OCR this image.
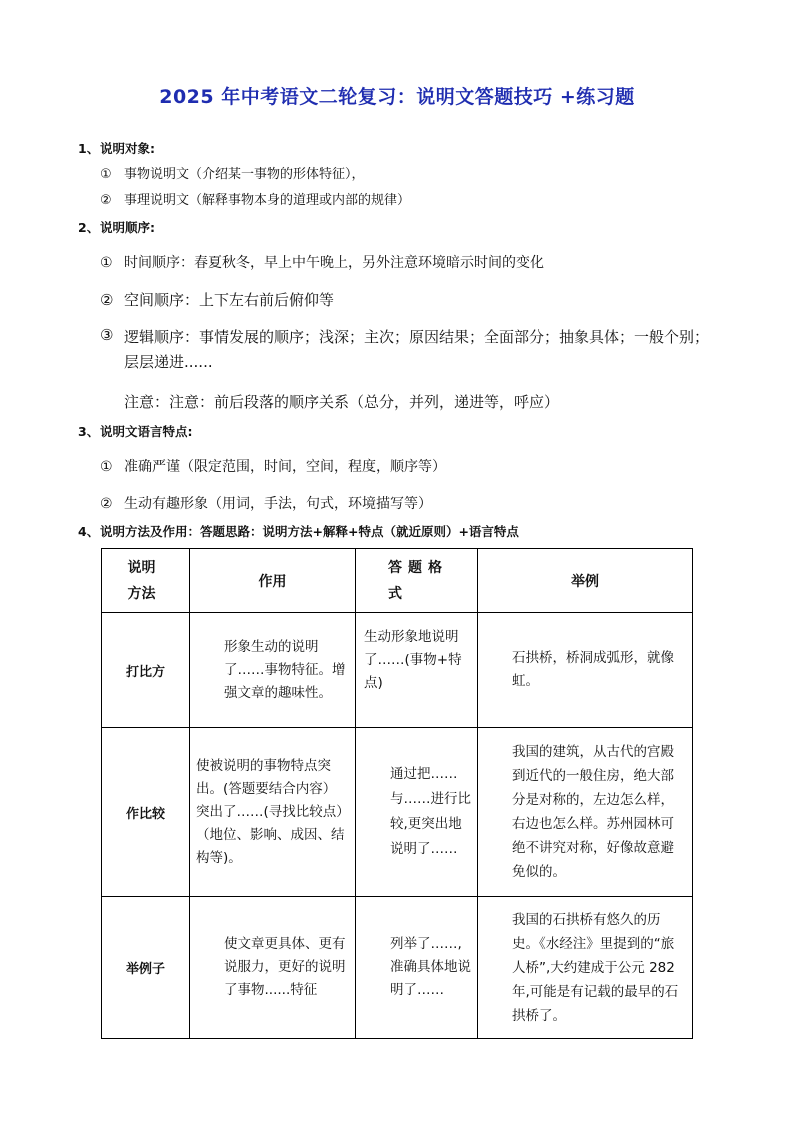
2025 年中考语文二轮复习：说明文答题技巧 +练习题
1、说明对象:
① 事物说明文（介绍某一事物的形体特征），
② 事理说明文（解释事物本身的道理或内部的规律）
2、说明顺序:
① 时间顺序：春夏秋冬，早上中午晚上，另外注意环境暗示时间的变化
② 空间顺序：上下左右前后俯仰等
③ 逻辑顺序：事情发展的顺序；浅深；主次；原因结果；全面部分；抽象具体；一般个别；层层递进......
注意：注意：前后段落的顺序关系（总分，并列，递进等，呼应）
3、说明文语言特点:
① 准确严谨（限定范围，时间，空间，程度，顺序等）
② 生动有趣形象（用词，手法，句式，环境描写等）
4、说明方法及作用：答题思路：说明方法+解释+特点（就近原则）+语言特点
说明方法	作用	答题格式	举例
打比方	形象生动的说明了……事物特征。增强文章的趣味性。	生动形象地说明了……(事物+特点)	石拱桥，桥洞成弧形，就像虹。

作比较	使被说明的事物特点突出。(答题要结合内容）突出了……(寻找比较点）（地位、影响、成因、结构等)。	通过把……与……进行比较,更突出地说明了……	我国的建筑，从古代的宫殿到近代的一般住房，绝大部分是对称的，左边怎么样，右边也怎么样。苏州园林可绝不讲究对称，好像故意避免似的。

举例子	使文章更具体、更有说服力，更好的说明了事物......特征	列举了……,准确具体地说明了……	我国的石拱桥有悠久的历史。《水经注》里提到的“旅人桥”,大约建成于公元 282 年,可能是有记载的最早的石拱桥了。
